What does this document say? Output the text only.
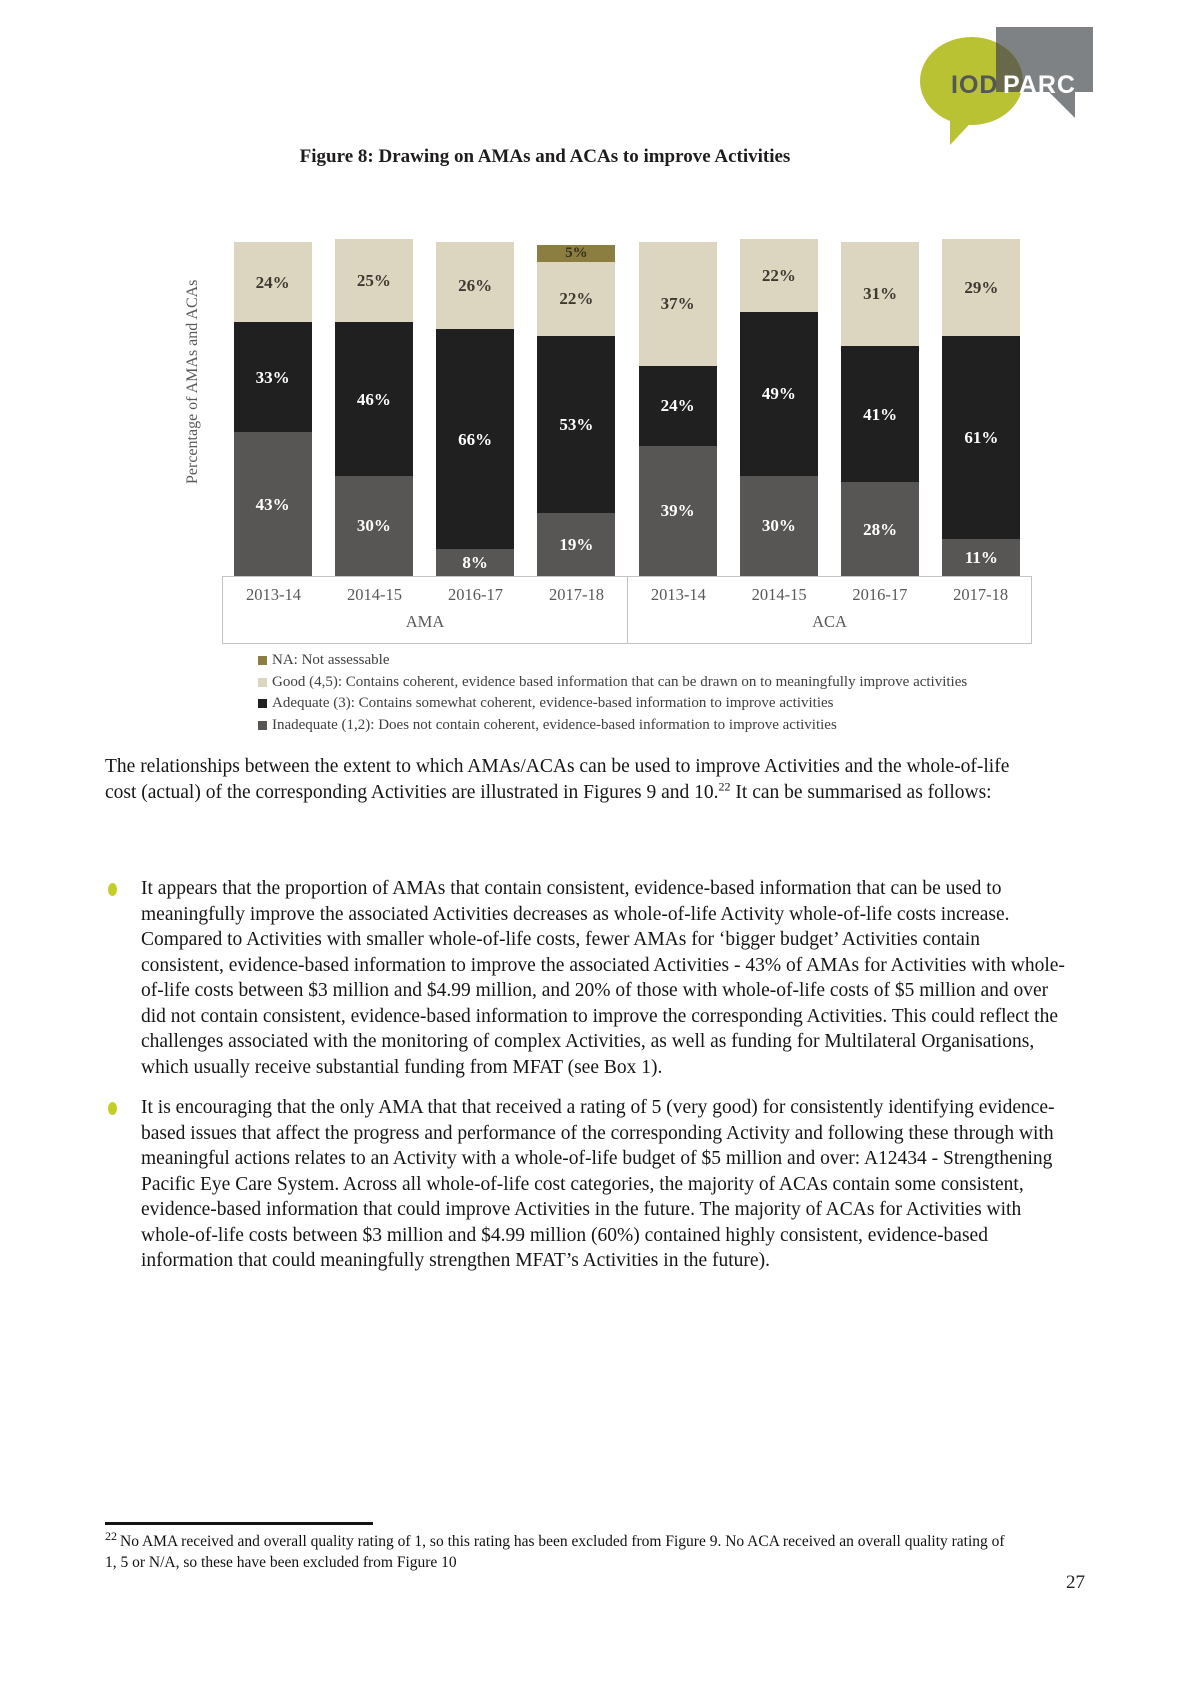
IOD PARC
Figure 8: Drawing on AMAs and ACAs to improve Activities
Percentage of AMAs and ACAs	24%
33%
43%
25%
46%
30%
26%
66%
8%
5%
22%
53%
19%
37%
24%
39%
22%
49%
30%
31%
41%
28%
29%
61%
11%
2013-14	2014-15	2016-17	2017-18
AMA
2013-14	2014-15	2016-17	2017-18
ACA
NA: Not assessable
Good (4,5): Contains coherent, evidence based information that can be drawn on to meaningfully improve activities
Adequate (3): Contains somewhat coherent, evidence-based information to improve activities
Inadequate (1,2): Does not contain coherent, evidence-based information to improve activities
The relationships between the extent to which AMAs/ACAs can be used to improve Activities and the whole-of-life cost (actual) of the corresponding Activities are illustrated in Figures 9 and 10.22 It can be summarised as follows:
It appears that the proportion of AMAs that contain consistent, evidence-based information that can be used to meaningfully improve the associated Activities decreases as whole-of-life Activity whole-of-life costs increase. Compared to Activities with smaller whole-of-life costs, fewer AMAs for ‘bigger budget’ Activities contain consistent, evidence-based information to improve the associated Activities - 43% of AMAs for Activities with whole-of-life costs between $3 million and $4.99 million, and 20% of those with whole-of-life costs of $5 million and over did not contain consistent, evidence-based information to improve the corresponding Activities. This could reflect the challenges associated with the monitoring of complex Activities, as well as funding for Multilateral Organisations, which usually receive substantial funding from MFAT (see Box 1).
It is encouraging that the only AMA that that received a rating of 5 (very good) for consistently identifying evidence-based issues that affect the progress and performance of the corresponding Activity and following these through with meaningful actions relates to an Activity with a whole-of-life budget of $5 million and over: A12434 - Strengthening Pacific Eye Care System. Across all whole-of-life cost categories, the majority of ACAs contain some consistent, evidence-based information that could improve Activities in the future. The majority of ACAs for Activities with whole-of-life costs between $3 million and $4.99 million (60%) contained highly consistent, evidence-based information that could meaningfully strengthen MFAT’s Activities in the future).
$^{22}$ No AMA received and overall quality rating of 1, so this rating has been excluded from Figure 9. No ACA received an overall quality rating of 1, 5 or N/A, so these have been excluded from Figure 10
27
